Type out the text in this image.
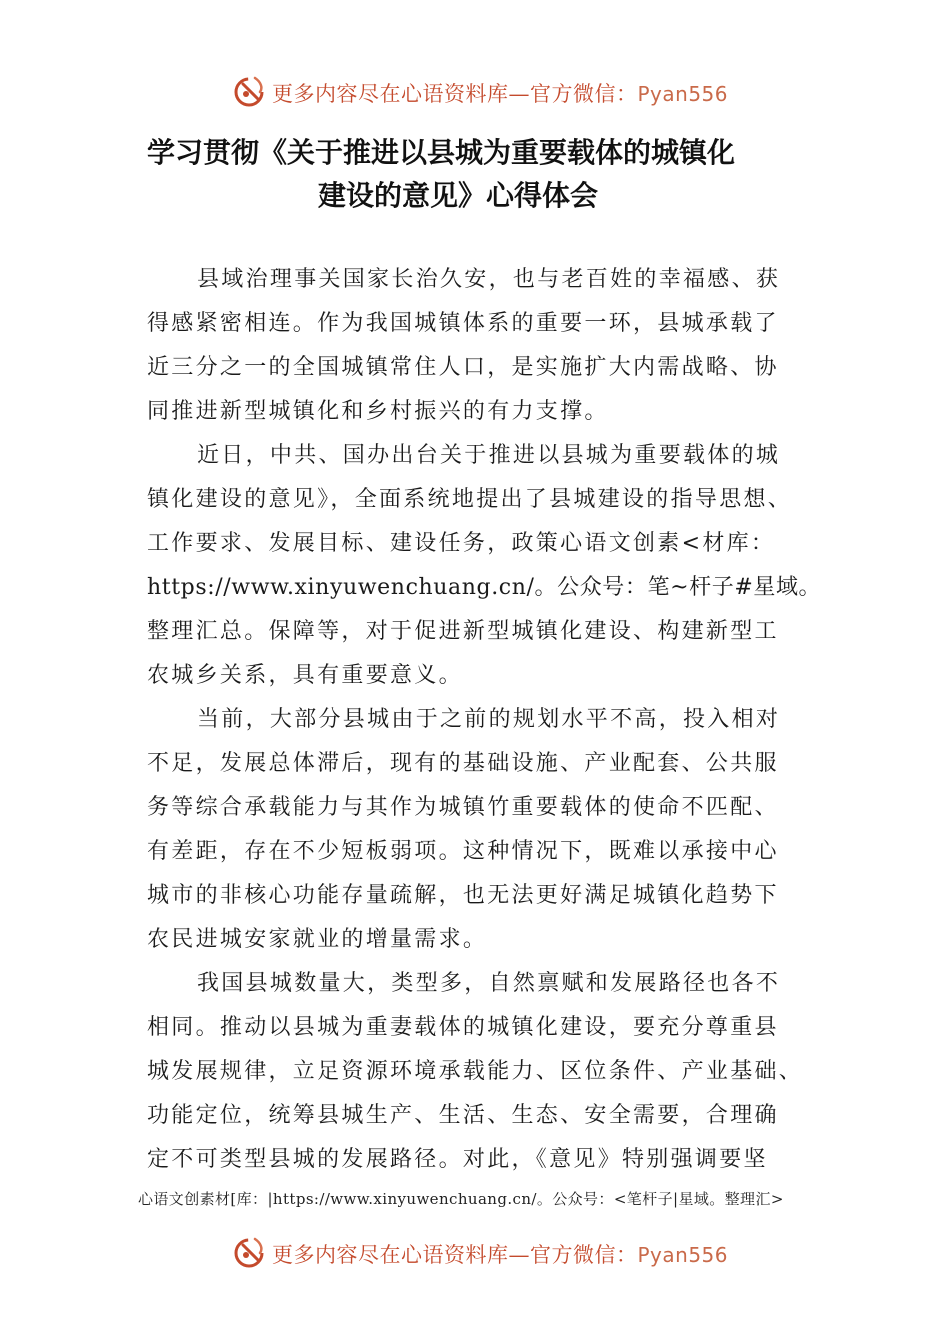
更多内容尽在心语资料库—官方微信：Pyan556
学习贯彻《关于推进以县城为重要载体的城镇化
建设的意见》心得体会
县域治理事关国家长治久安，也与老百姓的幸福感、获
得感紧密相连。作为我国城镇体系的重要一环，县城承载了
近三分之一的全国城镇常住人口，是实施扩大内需战略、协
同推进新型城镇化和乡村振兴的有力支撑。
近日，中共、国办出台关于推进以县城为重要载体的城
镇化建设的意见》，全面系统地提出了县城建设的指导思想、
工作要求、发展目标、建设任务，政策心语文创素<材库：
https://www.xinyuwenchuang.cn/。公众号：笔~杆子#星域。
整理汇总。保障等，对于促进新型城镇化建设、构建新型工
农城乡关系，具有重要意义。
当前，大部分县城由于之前的规划水平不高，投入相对
不足，发展总体滞后，现有的基础设施、产业配套、公共服
务等综合承载能力与其作为城镇竹重要载体的使命不匹配、
有差距，存在不少短板弱项。这种情况下，既难以承接中心
城市的非核心功能存量疏解，也无法更好满足城镇化趋势下
农民进城安家就业的增量需求。
我国县城数量大，类型多，自然禀赋和发展路径也各不
相同。推动以县城为重妻载体的城镇化建设，要充分尊重县
城发展规律，立足资源环境承载能力、区位条件、产业基础、
功能定位，统筹县城生产、生活、生态、安全需要，合理确
定不可类型县城的发展路径。对此，《意见》特别强调要坚
心语文创素材[库：|https://www.xinyuwenchuang.cn/。公众号：<笔杆子|星域。整理汇>
更多内容尽在心语资料库—官方微信：Pyan556
